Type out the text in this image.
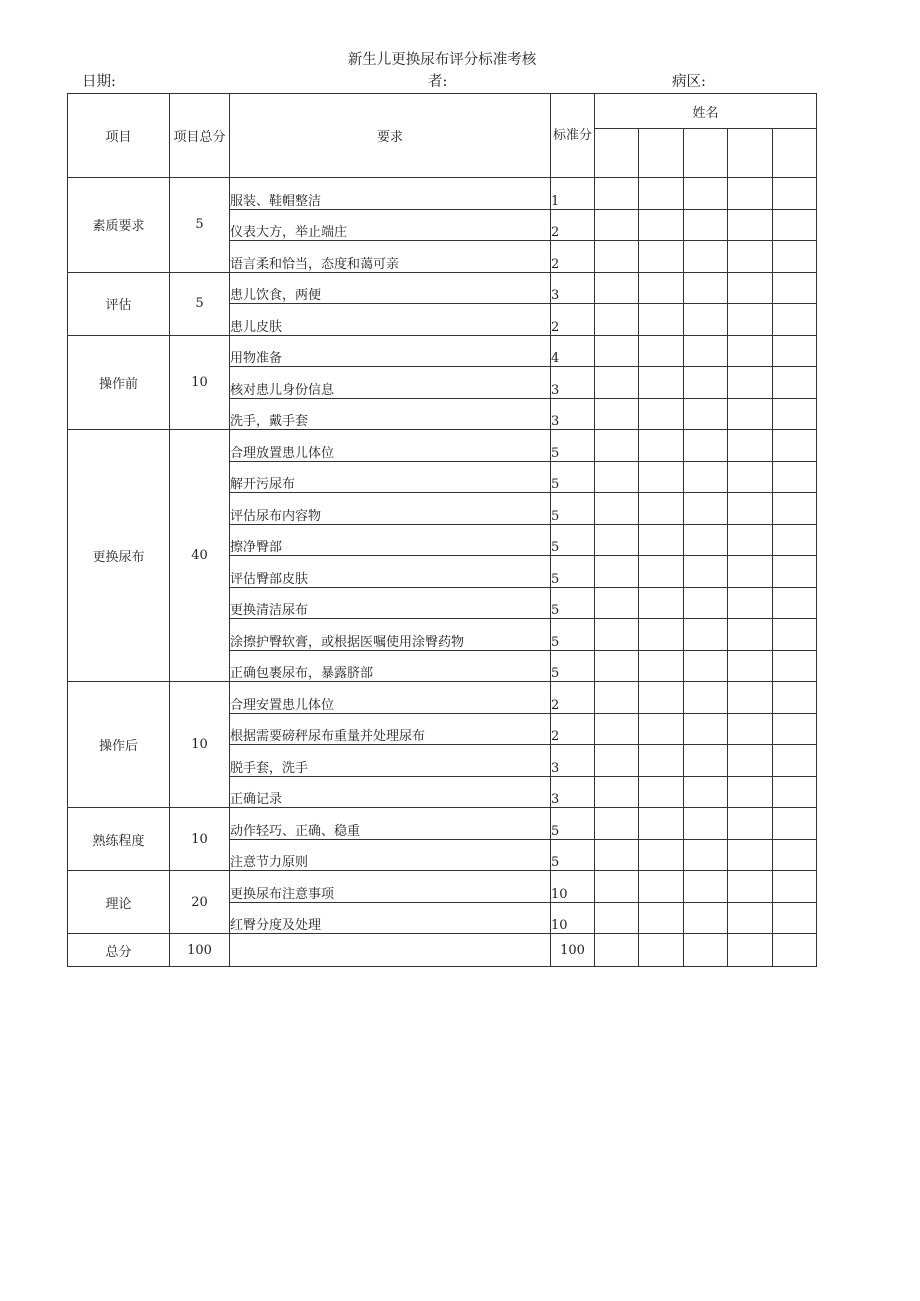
新生儿更换尿布评分标准考核
日期:	者:	病区:
项目	项目总分	要求	标准分	姓名				

素质要求	5	服装、鞋帽整洁	1					
		仪表大方，举止端庄	2					
		语言柔和恰当，态度和蔼可亲	2					
评估	5	患儿饮食，两便	3					
		患儿皮肤	2					
操作前	10	用物准备	4					
		核对患儿身份信息	3					
		洗手，戴手套	3					
更换尿布	40	合理放置患儿体位	5					
		解开污尿布	5					
		评估尿布内容物	5					
		擦净臀部	5					
		评估臀部皮肤	5					
		更换清洁尿布	5					
		涂擦护臀软膏，或根据医嘱使用涂臀药物	5					
		正确包裹尿布，暴露脐部	5					
操作后	10	合理安置患儿体位	2					
		根据需要磅秤尿布重量并处理尿布	2					
		脱手套，洗手	3					
		正确记录	3					
熟练程度	10	动作轻巧、正确、稳重	5					
		注意节力原则	5					
理论	20	更换尿布注意事项	10					
		红臀分度及处理	10					
总分	100		100					
